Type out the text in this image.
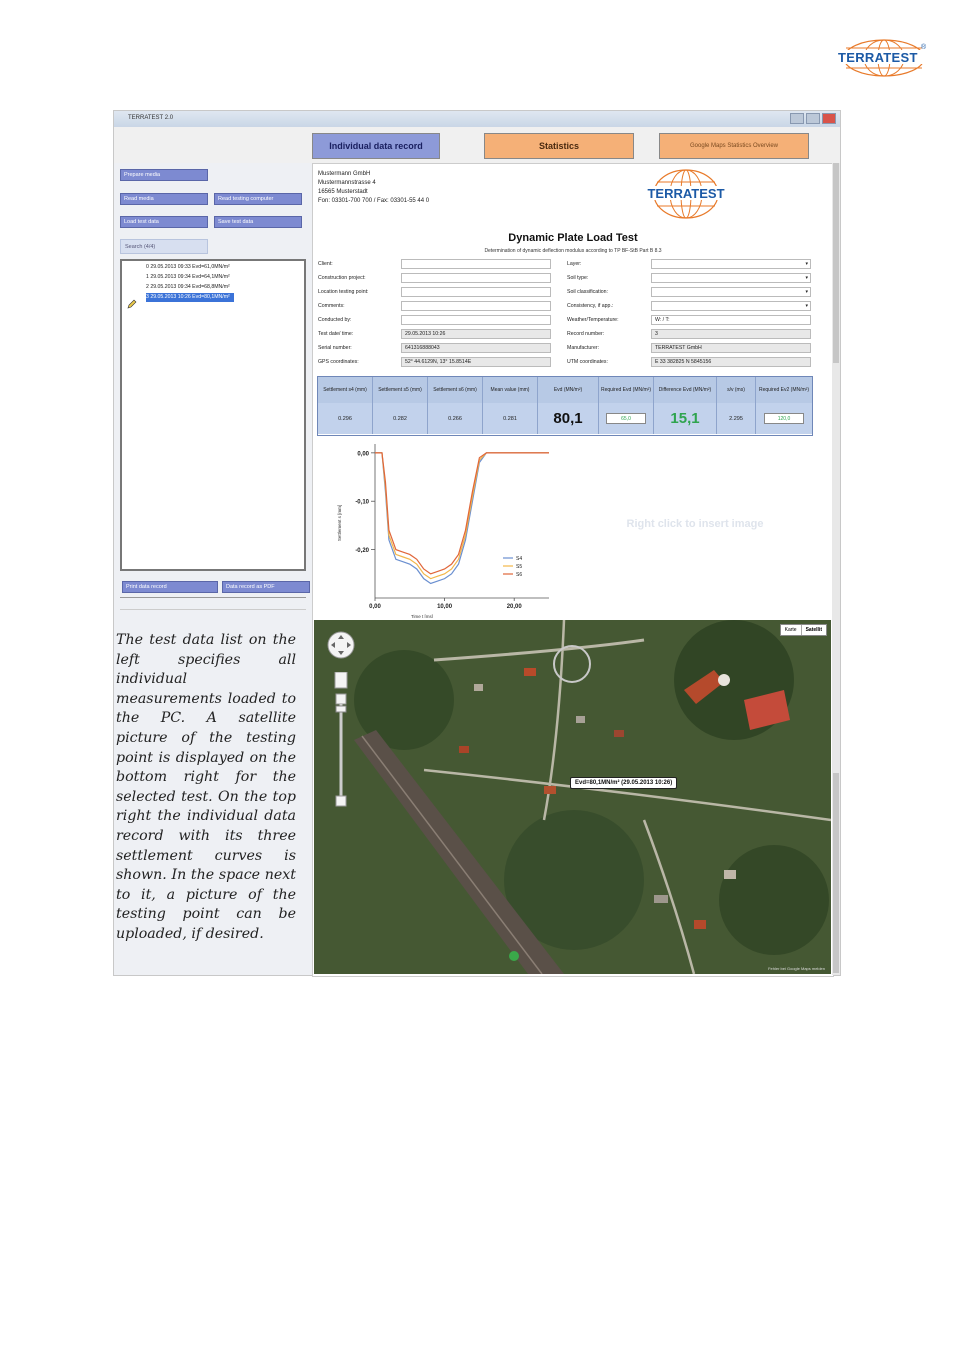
TERRATEST
®
TERRATEST 2.0
Individual data record	Statistics	Google Maps Statistics Overview
Prepare media
Read media	Read testing computer
Load test data	Save test data
Search (4/4)
0 29.05.2013 09:33 Evd=61,0MN/m²
1 29.05.2013 09:34 Evd=64,1MN/m²
2 29.05.2013 09:34 Evd=68,8MN/m²
3 29.05.2013 10:26 Evd=80,1MN/m²
Print data record	Data record as PDF
Mustermann GmbH
Mustermannstrasse 4
16565 Musterstadt
Fon: 03301-700 700 / Fax: 03301-55 44 0	TERRATEST
Dynamic Plate Load Test
Determination of dynamic deflection modulus according to TP BF-StB Part B 8.3
Client:
Construction project:
Location testing point:
Comments:
Conducted by:
Test date/ time:	29.05.2013 10:26
Serial number:	641316888043
GPS coordinates:	52° 44.6129N, 13° 15.8514E
Layer:	▾
Soil type:	▾
Soil classification:	▾
Consistency, if app.:	▾
Weather/Temperature:	W: / T:
Record number:	3
Manufacturer:	TERRATEST GmbH
UTM coordinates:	E 33 382825 N 5845156
Settlement s4 (mm)	Settlement s5 (mm)	Settlement s6 (mm)	Mean value (mm)	Evd (MN/m²)	Required Evd (MN/m²)	Difference Evd (MN/m²)	s/v (ms)	Required Ev2 (MN/m²)
0.296	0.282	0.266	0.281	80,1	65,0	15,1	2.295	120,0
0,00
-0,10
-0,20
0,00	10,00	20,00
Time t [ms]
Settlement s [mm]
S4
S5
S6
Right click to insert image
Karte	Satellit
Evd=80,1MN/m² (29.05.2013 10:26)
Fehler bei Google Maps melden
The test data list on the left specifies all individual measurements loaded to the PC. A satellite picture of the testing point is displayed on the bottom right for the selected test. On the top right the individual data record with its three settlement curves is shown. In the space next to it, a picture of the testing point can be uploaded, if desired.
